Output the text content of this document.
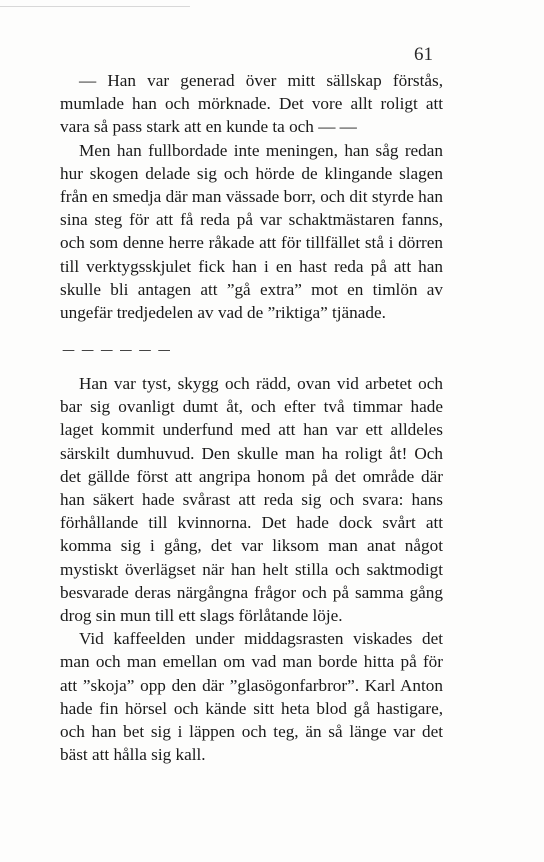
61

— Han var generad över mitt sällskap förstås, mumlade han och mörknade. Det vore allt roligt att vara så pass stark att en kunde ta och — —

Men han fullbordade inte meningen, han såg redan hur skogen delade sig och hörde de klingande slagen från en smedja där man vässade borr, och dit styrde han sina steg för att få reda på var schaktmästaren fanns, och som denne herre råkade att för tillfället stå i dörren till verktygsskjulet fick han i en hast reda på att han skulle bli antagen att ”gå extra” mot en timlön av ungefär tredjedelen av vad de ”riktiga” tjänade.

— — — — — —

Han var tyst, skygg och rädd, ovan vid arbetet och bar sig ovanligt dumt åt, och efter två timmar hade laget kommit underfund med att han var ett alldeles särskilt dumhuvud. Den skulle man ha roligt åt! Och det gällde först att angripa honom på det område där han säkert hade svårast att reda sig och svara: hans förhållande till kvinnorna. Det hade dock svårt att komma sig i gång, det var liksom man anat något mystiskt överlägset när han helt stilla och saktmodigt besvarade deras närgångna frågor och på samma gång drog sin mun till ett slags förlåtande löje.

Vid kaffeelden under middagsrasten viskades det man och man emellan om vad man borde hitta på för att ”skoja” opp den där ”glasögonfarbror”. Karl Anton hade fin hörsel och kände sitt heta blod gå hastigare, och han bet sig i läppen och teg, än så länge var det bäst att hålla sig kall.
